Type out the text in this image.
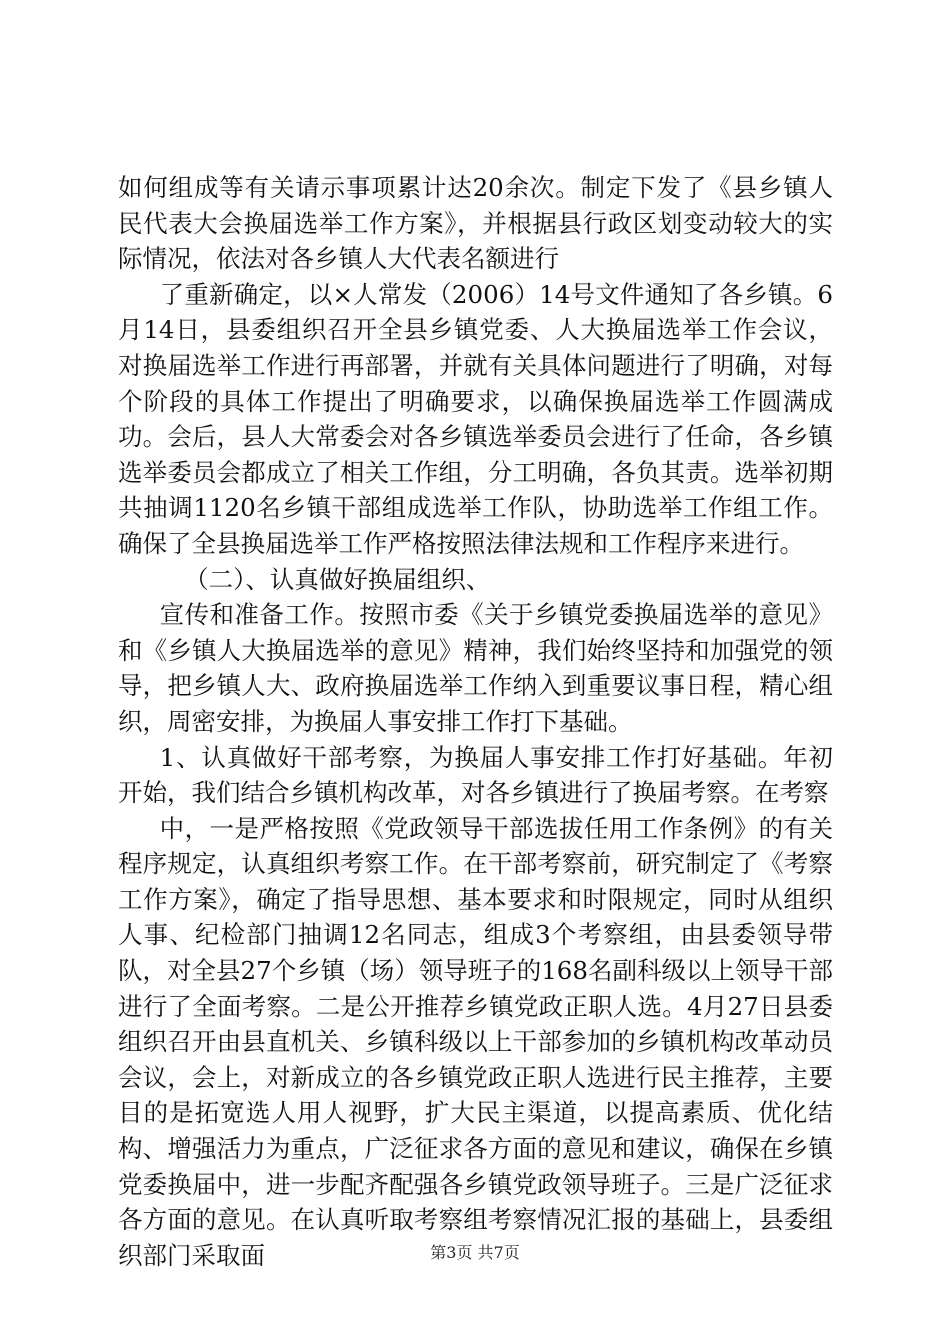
如何组成等有关请示事项累计达20余次。制定下发了《县乡镇人民代表大会换届选举工作方案》，并根据县行政区划变动较大的实际情况，依法对各乡镇人大代表名额进行

了重新确定，以×人常发（2006）14号文件通知了各乡镇。6月14日，县委组织召开全县乡镇党委、人大换届选举工作会议，对换届选举工作进行再部署，并就有关具体问题进行了明确，对每个阶段的具体工作提出了明确要求，以确保换届选举工作圆满成功。会后，县人大常委会对各乡镇选举委员会进行了任命，各乡镇选举委员会都成立了相关工作组，分工明确，各负其责。选举初期共抽调1120名乡镇干部组成选举工作队，协助选举工作组工作。确保了全县换届选举工作严格按照法律法规和工作程序来进行。

（二）、认真做好换届组织、

宣传和准备工作。按照市委《关于乡镇党委换届选举的意见》和《乡镇人大换届选举的意见》精神，我们始终坚持和加强党的领导，把乡镇人大、政府换届选举工作纳入到重要议事日程，精心组织，周密安排，为换届人事安排工作打下基础。

1、认真做好干部考察，为换届人事安排工作打好基础。年初开始，我们结合乡镇机构改革，对各乡镇进行了换届考察。在考察

中，一是严格按照《党政领导干部选拔任用工作条例》的有关程序规定，认真组织考察工作。在干部考察前，研究制定了《考察工作方案》，确定了指导思想、基本要求和时限规定，同时从组织人事、纪检部门抽调12名同志，组成3个考察组，由县委领导带队，对全县27个乡镇（场）领导班子的168名副科级以上领导干部进行了全面考察。二是公开推荐乡镇党政正职人选。4月27日县委组织召开由县直机关、乡镇科级以上干部参加的乡镇机构改革动员会议，会上，对新成立的各乡镇党政正职人选进行民主推荐，主要目的是拓宽选人用人视野，扩大民主渠道，以提高素质、优化结构、增强活力为重点，广泛征求各方面的意见和建议，确保在乡镇党委换届中，进一步配齐配强各乡镇党政领导班子。三是广泛征求各方面的意见。在认真听取考察组考察情况汇报的基础上，县委组织部门采取面	第3页 共7页
